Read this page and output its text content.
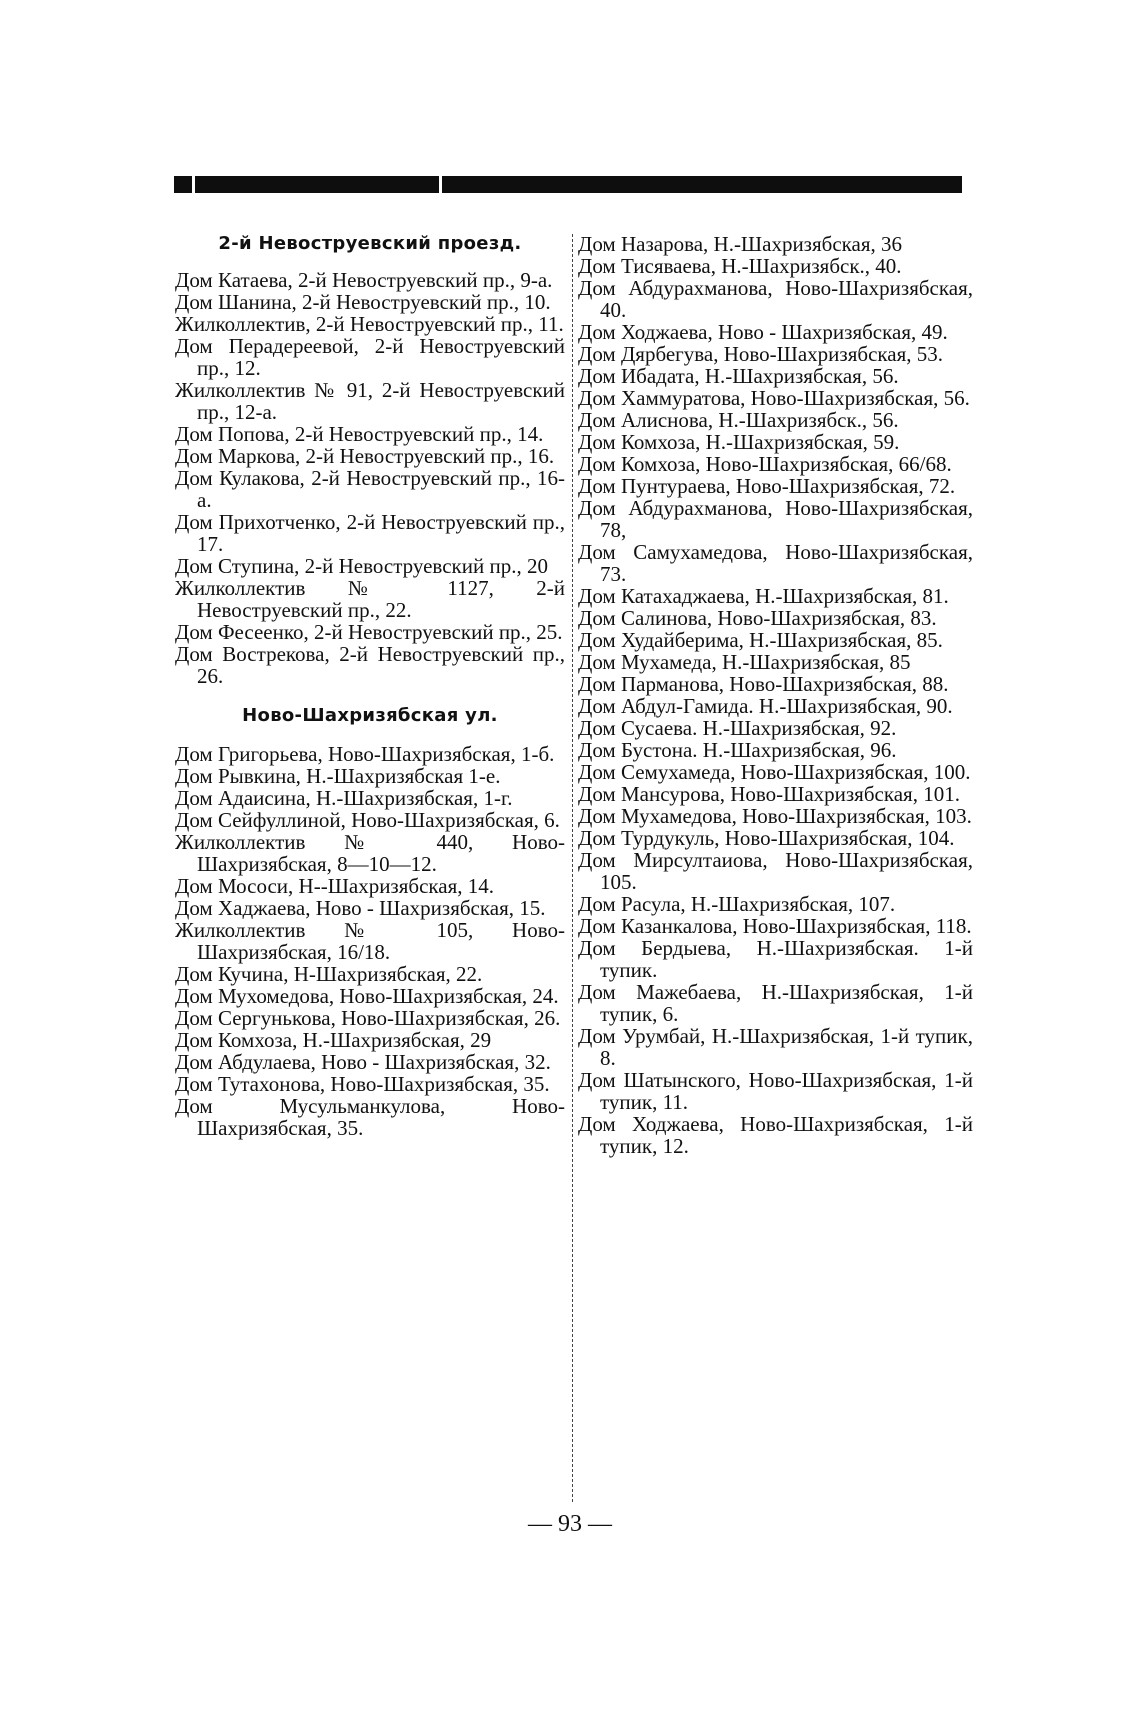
2-й Невоструевский проезд.

Дом Катаева, 2-й Невоструевский пр., 9-а.

Дом Шанина, 2-й Невоструевский пр., 10.

Жилколлектив, 2-й Невоструевский пр., 11.

Дом Перадереевой, 2-й Невоструевский пр., 12.

Жилколлектив № 91, 2-й Невоструевский пр., 12-а.

Дом Попова, 2-й Невоструевский пр., 14.

Дом Маркова, 2-й Невоструевский пр., 16.

Дом Кулакова, 2-й Невоструевский пр., 16-а.

Дом Прихотченко, 2-й Невоструевский пр., 17.

Дом Ступина, 2-й Невоструевский пр., 20

Жилколлектив № 1127, 2-й Невоструевский пр., 22.

Дом Фесеенко, 2-й Невоструевский пр., 25.

Дом Вострекова, 2-й Невоструевский пр., 26.

Ново-Шахризябская ул.

Дом Григорьева, Ново-Шахризябская, 1-б.

Дом Рывкина, Н.-Шахризябская 1-е.

Дом Адаисина, Н.-Шахризябская, 1-г.

Дом Сейфуллиной, Ново-Шахризябская, 6.

Жилколлектив № 440, Ново-Шахризябская, 8—10—12.

Дом Мососи, Н--Шахризябская, 14.

Дом Хаджаева, Ново - Шахризябская, 15.

Жилколлектив № 105, Ново-Шахризябская, 16/18.

Дом Кучина, Н-Шахризябская, 22.

Дом Мухомедова, Ново-Шахризябская, 24.

Дом Сергунькова, Ново-Шахризябская, 26.

Дом Комхоза, Н.-Шахризябская, 29

Дом Абдулаева, Ново - Шахризябская, 32.

Дом Тутахонова, Ново-Шахризябская, 35.

Дом Мусульманкулова, Ново-Шахризябская, 35.

Дом Назарова, Н.-Шахризябская, 36

Дом Тисяваева, Н.-Шахризябск., 40.

Дом Абдурахманова, Ново-Шахризябская, 40.

Дом Ходжаева, Ново - Шахризябская, 49.

Дом Дярбегува, Ново-Шахризябская, 53.

Дом Ибадата, Н.-Шахризябская, 56.

Дом Хаммуратова, Ново-Шахризябская, 56.

Дом Алиснова, Н.-Шахризябск., 56.

Дом Комхоза, Н.-Шахризябская, 59.

Дом Комхоза, Ново-Шахризябская, 66/68.

Дом Пунтураева, Ново-Шахризябская, 72.

Дом Абдурахманова, Ново-Шахризябская, 78,

Дом Самухамедова, Ново-Шахризябская, 73.

Дом Катахаджаева, Н.-Шахризябская, 81.

Дом Салинова, Ново-Шахризябская, 83.

Дом Худайберима, Н.-Шахризябская, 85.

Дом Мухамеда, Н.-Шахризябская, 85

Дом Парманова, Ново-Шахризябская, 88.

Дом Абдул-Гамида. Н.-Шахризябская, 90.

Дом Сусаева. Н.-Шахризябская, 92.

Дом Бустона. Н.-Шахризябская, 96.

Дом Семухамеда, Ново-Шахризябская, 100.

Дом Мансурова, Ново-Шахризябская, 101.

Дом Мухамедова, Ново-Шахризябская, 103.

Дом Турдукуль, Ново-Шахризябская, 104.

Дом Мирсултаиова, Ново-Шахризябская, 105.

Дом Расула, Н.-Шахризябская, 107.

Дом Казанкалова, Ново-Шахризябская, 118.

Дом Бердыева, Н.-Шахризябская. 1-й тупик.

Дом Мажебаева, Н.-Шахризябская, 1-й тупик, 6.

Дом Урумбай, Н.-Шахризябская, 1-й тупик, 8.

Дом Шатынского, Ново-Шахризябская, 1-й тупик, 11.

Дом Ходжаева, Ново-Шахризябская, 1-й тупик, 12.

— 93 —
